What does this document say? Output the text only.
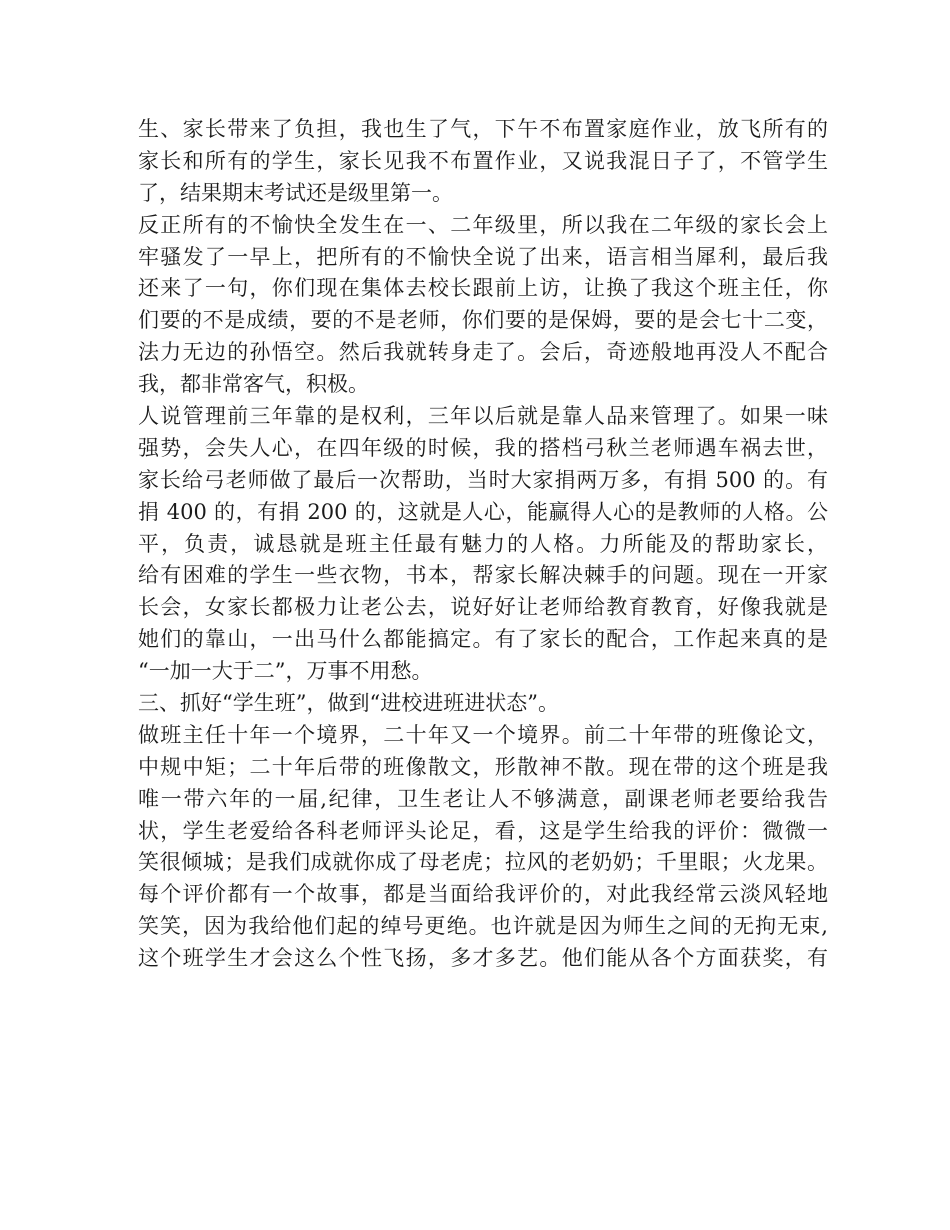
生、家长带来了负担，我也生了气，下午不布置家庭作业，放飞所有的
家长和所有的学生，家长见我不布置作业，又说我混日子了，不管学生
了，结果期末考试还是级里第一。
反正所有的不愉快全发生在一、二年级里，所以我在二年级的家长会上
牢骚发了一早上，把所有的不愉快全说了出来，语言相当犀利，最后我
还来了一句，你们现在集体去校长跟前上访，让换了我这个班主任，你
们要的不是成绩，要的不是老师，你们要的是保姆，要的是会七十二变，
法力无边的孙悟空。然后我就转身走了。会后，奇迹般地再没人不配合
我，都非常客气，积极。
人说管理前三年靠的是权利，三年以后就是靠人品来管理了。如果一味
强势，会失人心，在四年级的时候，我的搭档弓秋兰老师遇车祸去世，
家长给弓老师做了最后一次帮助，当时大家捐两万多，有捐 500 的。有
捐 400 的，有捐 200 的，这就是人心，能赢得人心的是教师的人格。公
平，负责，诚恳就是班主任最有魅力的人格。力所能及的帮助家长，
给有困难的学生一些衣物，书本，帮家长解决棘手的问题。现在一开家
长会，女家长都极力让老公去，说好好让老师给教育教育，好像我就是
她们的靠山，一出马什么都能搞定。有了家长的配合，工作起来真的是
“一加一大于二”，万事不用愁。
三、抓好“学生班”，做到“进校进班进状态”。
做班主任十年一个境界，二十年又一个境界。前二十年带的班像论文，
中规中矩；二十年后带的班像散文，形散神不散。现在带的这个班是我
唯一带六年的一届,纪律，卫生老让人不够满意，副课老师老要给我告
状，学生老爱给各科老师评头论足，看，这是学生给我的评价：微微一
笑很倾城；是我们成就你成了母老虎；拉风的老奶奶；千里眼；火龙果。
每个评价都有一个故事，都是当面给我评价的，对此我经常云淡风轻地
笑笑，因为我给他们起的绰号更绝。也许就是因为师生之间的无拘无束,
这个班学生才会这么个性飞扬，多才多艺。他们能从各个方面获奖，有
